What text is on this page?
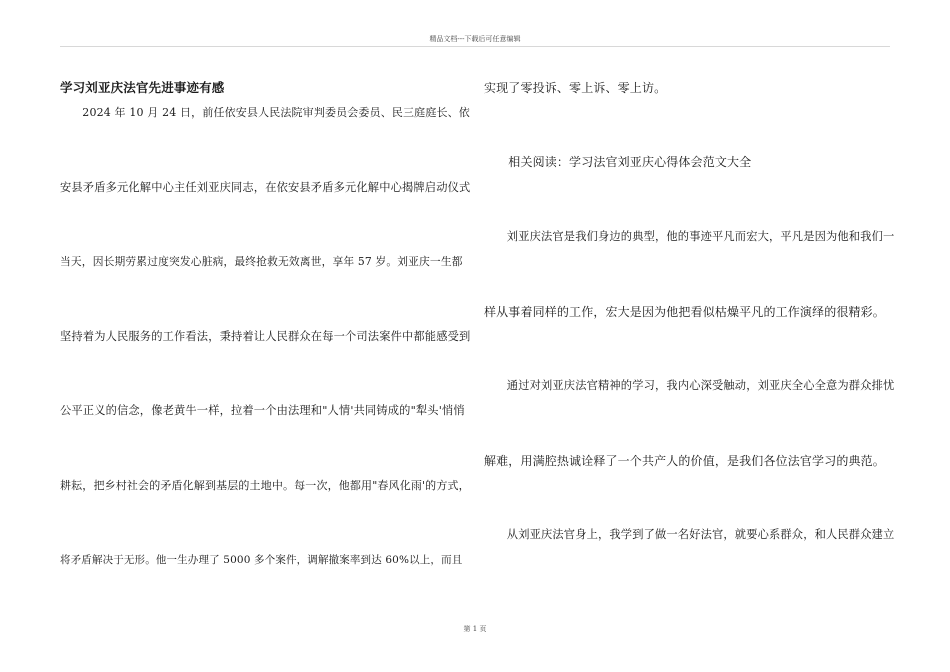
精品文档---下载后可任意编辑
学习刘亚庆法官先进事迹有感
　　2024 年 10 月 24 日，前任依安县人民法院审判委员会委员、民三庭庭长、依
安县矛盾多元化解中心主任刘亚庆同志，在依安县矛盾多元化解中心揭牌启动仪式
当天，因长期劳累过度突发心脏病，最终抢救无效离世，享年 57 岁。刘亚庆一生都
坚持着为人民服务的工作看法，秉持着让人民群众在每一个司法案件中都能感受到
公平正义的信念，像老黄牛一样，拉着一个由法理和"人情'共同铸成的"犁头'悄悄
耕耘，把乡村社会的矛盾化解到基层的土地中。每一次，他都用"春风化雨'的方式，
将矛盾解决于无形。他一生办理了 5000 多个案件，调解撤案率到达 60%以上，而且
实现了零投诉、零上诉、零上访。
　　相关阅读：学习法官刘亚庆心得体会范文大全
　　刘亚庆法官是我们身边的典型，他的事迹平凡而宏大，平凡是因为他和我们一
样从事着同样的工作，宏大是因为他把看似枯燥平凡的工作演绎的很精彩。
　　通过对刘亚庆法官精神的学习，我内心深受触动，刘亚庆全心全意为群众排忧
解难，用满腔热诚诠释了一个共产人的价值，是我们各位法官学习的典范。
　　从刘亚庆法官身上，我学到了做一名好法官，就要心系群众，和人民群众建立
第 1 页
